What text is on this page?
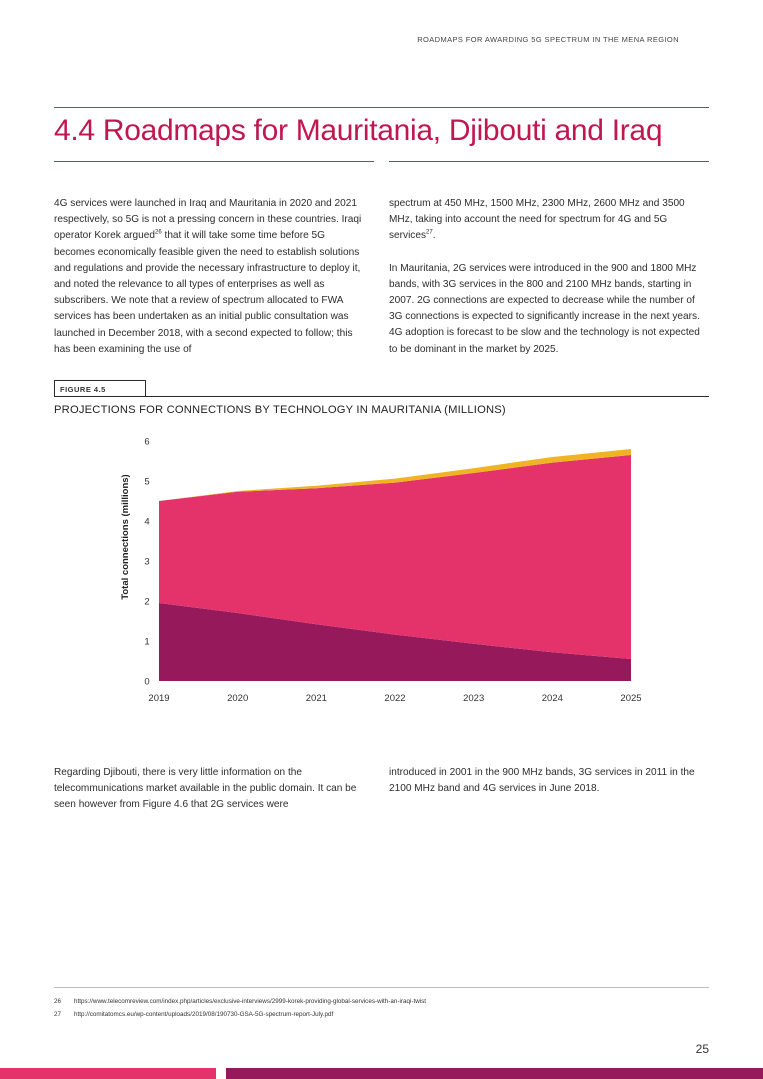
ROADMAPS FOR AWARDING 5G SPECTRUM IN THE MENA REGION
4.4 Roadmaps for Mauritania, Djibouti and Iraq

4G services were launched in Iraq and Mauritania in 2020 and 2021 respectively, so 5G is not a pressing concern in these countries. Iraqi operator Korek argued$^{26}$ that it will take some time before 5G becomes economically feasible given the need to establish solutions and regulations and provide the necessary infrastructure to deploy it, and noted the relevance to all types of enterprises as well as subscribers. We note that a review of spectrum allocated to FWA services has been undertaken as an initial public consultation was launched in December 2018, with a second expected to follow; this has been examining the use of

spectrum at 450 MHz, 1500 MHz, 2300 MHz, 2600 MHz and 3500 MHz, taking into account the need for spectrum for 4G and 5G services$^{27}$.

In Mauritania, 2G services were introduced in the 900 and 1800 MHz bands, with 3G services in the 800 and 2100 MHz bands, starting in 2007. 2G connections are expected to decrease while the number of 3G connections is expected to significantly increase in the next years. 4G adoption is forecast to be slow and the technology is not expected to be dominant in the market by 2025.

FIGURE 4.5
PROJECTIONS FOR CONNECTIONS BY TECHNOLOGY IN MAURITANIA (MILLIONS)
0
1
2
3
4
5
6
2019	2020	2021	2022	2023	2024	2025
Total connections (millions)

Regarding Djibouti, there is very little information on the telecommunications market available in the public domain. It can be seen however from Figure 4.6 that 2G services were

introduced in 2001 in the 900 MHz bands, 3G services in 2011 in the 2100 MHz band and 4G services in June 2018.

26 https://www.telecomreview.com/index.php/articles/exclusive-interviews/2999-korek-providing-global-services-with-an-iraqi-twist
27 http://comitatomcs.eu/wp-content/uploads/2019/08/190730-GSA-5G-spectrum-report-July.pdf
25
